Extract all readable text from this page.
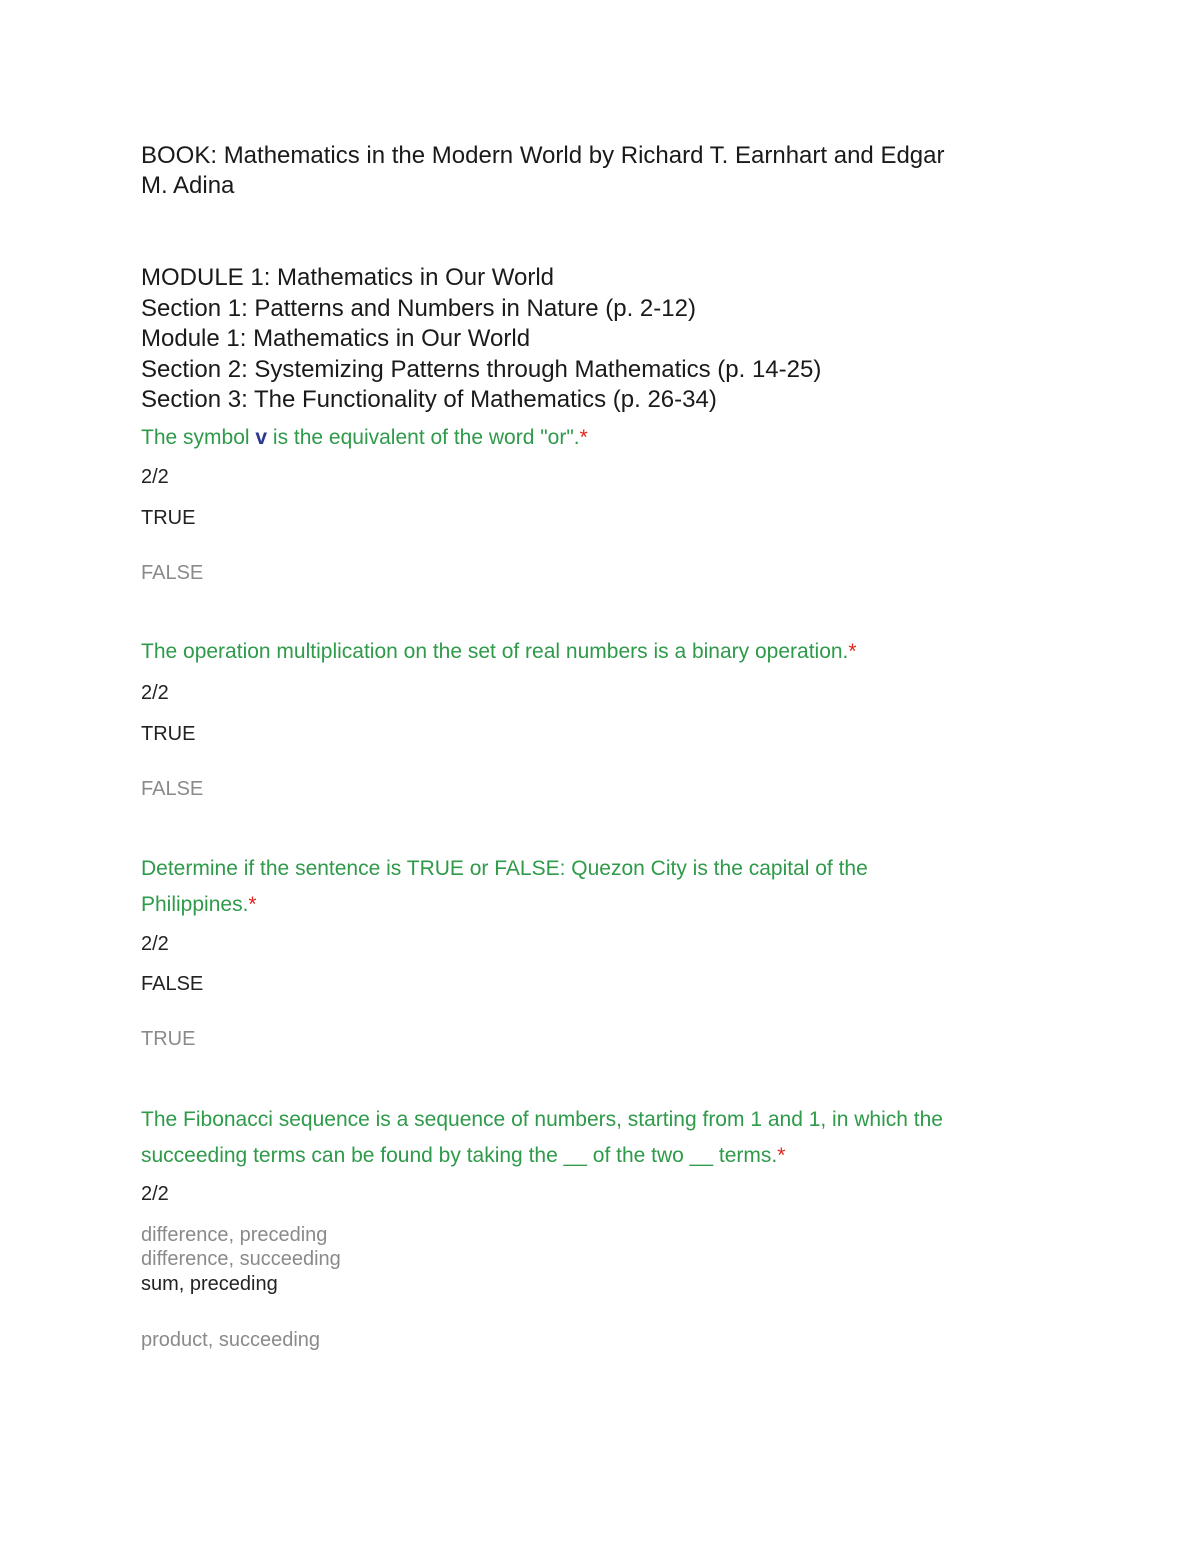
BOOK: Mathematics in the Modern World by Richard T. Earnhart and Edgar
M. Adina
MODULE 1: Mathematics in Our World
Section 1: Patterns and Numbers in Nature (p. 2-12)
Module 1: Mathematics in Our World
Section 2: Systemizing Patterns through Mathematics (p. 14-25)
Section 3: The Functionality of Mathematics (p. 26-34)

The symbol v is the equivalent of the word "or".*

2/2
TRUE
FALSE

The operation multiplication on the set of real numbers is a binary operation.*

2/2
TRUE
FALSE

Determine if the sentence is TRUE or FALSE: Quezon City is the capital of the
Philippines.*

2/2
FALSE
TRUE

The Fibonacci sequence is a sequence of numbers, starting from 1 and 1, in which the
succeeding terms can be found by taking the __ of the two __ terms.*

2/2
difference, preceding
difference, succeeding
sum, preceding
product, succeeding
